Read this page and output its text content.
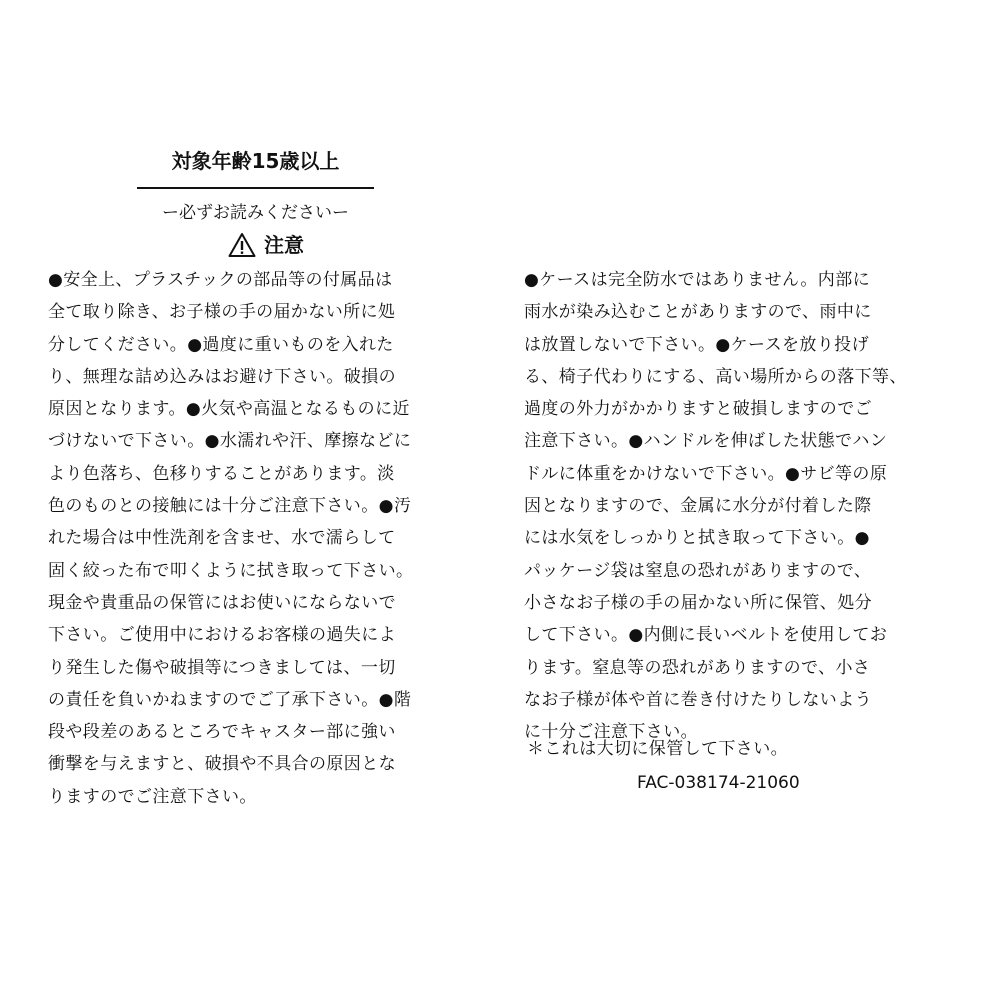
対象年齢15歳以上
ー必ずお読みくださいー
注意
●安全上、プラスチックの部品等の付属品は
全て取り除き、お子様の手の届かない所に処
分してください。●過度に重いものを入れた
り、無理な詰め込みはお避け下さい。破損の
原因となります。●火気や高温となるものに近
づけないで下さい。●水濡れや汗、摩擦などに
より色落ち、色移りすることがあります。淡
色のものとの接触には十分ご注意下さい。●汚
れた場合は中性洗剤を含ませ、水で濡らして
固く絞った布で叩くように拭き取って下さい。
現金や貴重品の保管にはお使いにならないで
下さい。ご使用中におけるお客様の過失によ
り発生した傷や破損等につきましては、一切
の責任を負いかねますのでご了承下さい。●階
段や段差のあるところでキャスター部に強い
衝撃を与えますと、破損や不具合の原因とな
りますのでご注意下さい。
●ケースは完全防水ではありません。内部に
雨水が染み込むことがありますので、雨中に
は放置しないで下さい。●ケースを放り投げ
る、椅子代わりにする、高い場所からの落下等、
過度の外力がかかりますと破損しますのでご
注意下さい。●ハンドルを伸ばした状態でハン
ドルに体重をかけないで下さい。●サビ等の原
因となりますので、金属に水分が付着した際
には水気をしっかりと拭き取って下さい。●
パッケージ袋は窒息の恐れがありますので、
小さなお子様の手の届かない所に保管、処分
して下さい。●内側に長いベルトを使用してお
ります。窒息等の恐れがありますので、小さ
なお子様が体や首に巻き付けたりしないよう
に十分ご注意下さい。
＊これは大切に保管して下さい。
FAC-038174-21060
